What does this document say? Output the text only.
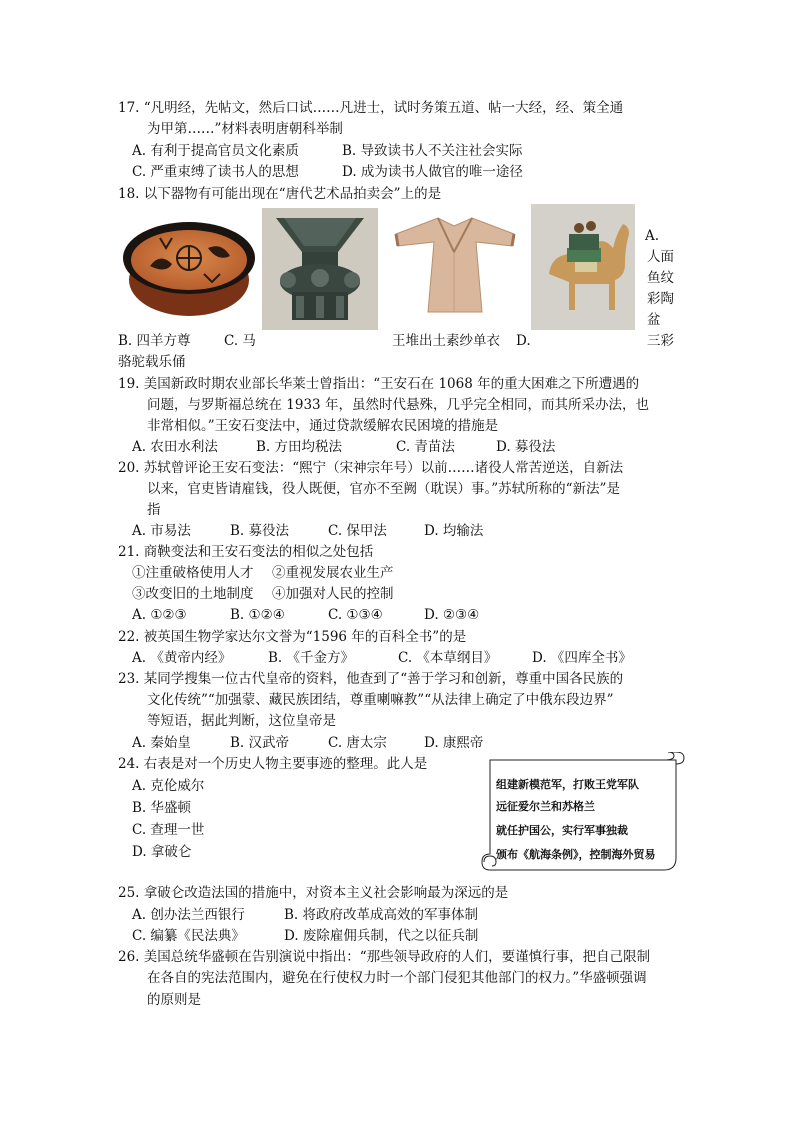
17. “凡明经，先帖文，然后口试……凡进士，试时务策五道、帖一大经，经、策全通
为甲第……”材料表明唐朝科举制
A. 有利于提高官员文化素质	B. 导致读书人不关注社会实际
C. 严重束缚了读书人的思想	D. 成为读书人做官的唯一途径
18. 以下器物有可能出现在“唐代艺术品拍卖会”上的是
A.
人面
鱼纹
彩陶
盆
B. 四羊方尊 C. 马	王堆出土素纱单衣 D.	三彩
骆驼载乐俑
19. 美国新政时期农业部长华莱士曾指出：“王安石在 1068 年的重大困难之下所遭遇的
问题，与罗斯福总统在 1933 年，虽然时代悬殊，几乎完全相同，而其所采办法，也
非常相似。”王安石变法中，通过贷款缓解农民困境的措施是
A. 农田水利法	B. 方田均税法	C. 青苗法	D. 募役法
20. 苏轼曾评论王安石变法：“熙宁（宋神宗年号）以前……诸役人常苦逆送，自新法
以来，官吏皆请雇钱，役人既便，官亦不至阙（耽误）事。”苏轼所称的“新法”是
指
A. 市易法	B. 募役法	C. 保甲法	D. 均输法
21. 商鞅变法和王安石变法的相似之处包括
①注重破格使用人才 ②重视发展农业生产
③改变旧的土地制度 ④加强对人民的控制
A. ①②③	B. ①②④	C. ①③④	D. ②③④
22. 被英国生物学家达尔文誉为“1596 年的百科全书”的是
A. 《黄帝内经》	B. 《千金方》	C. 《本草纲目》	D. 《四库全书》
23. 某同学搜集一位古代皇帝的资料，他查到了“善于学习和创新，尊重中国各民族的
文化传统”“加强蒙、藏民族团结，尊重喇嘛教”“从法律上确定了中俄东段边界”
等短语，据此判断，这位皇帝是
A. 秦始皇	B. 汉武帝	C. 唐太宗	D. 康熙帝
24. 右表是对一个历史人物主要事迹的整理。此人是
A. 克伦威尔
B. 华盛顿
C. 查理一世
D. 拿破仑
组建新模范军，打败王党军队
远征爱尔兰和苏格兰
就任护国公，实行军事独裁
颁布《航海条例》，控制海外贸易
25. 拿破仑改造法国的措施中，对资本主义社会影响最为深远的是
A. 创办法兰西银行	B. 将政府改革成高效的军事体制
C. 编纂《民法典》	D. 废除雇佣兵制，代之以征兵制
26. 美国总统华盛顿在告别演说中指出：“那些领导政府的人们，要谨慎行事，把自己限制
在各自的宪法范围内，避免在行使权力时一个部门侵犯其他部门的权力。”华盛顿强调
的原则是
